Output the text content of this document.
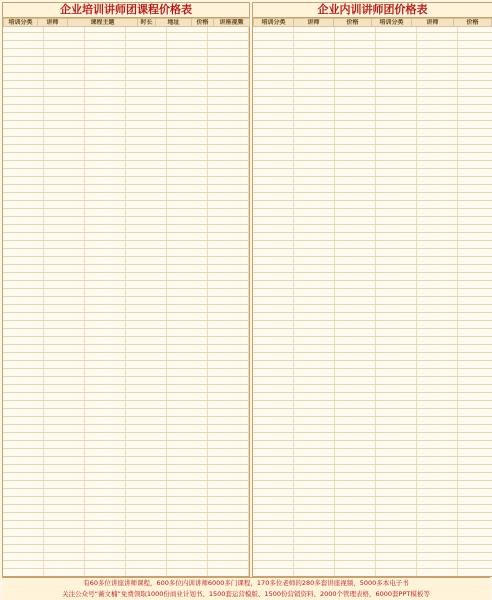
企业培训讲师团课程价格表
培训分类	讲师	课程主题	时长	地址	价格	讲座视频
企业内训讲师团价格表
培训分类	讲师	价格	培训分类	讲师	价格
有60多位讲座讲师课程，600多位内训讲师6000多门课程，170多位老师的280多套讲座视频，5000多本电子书
关注公众号“薇文楠”免费领取1000份商业计划书、1500套运营模版、1500份营销资料、2000个管理表格，6000套PPT模板等
